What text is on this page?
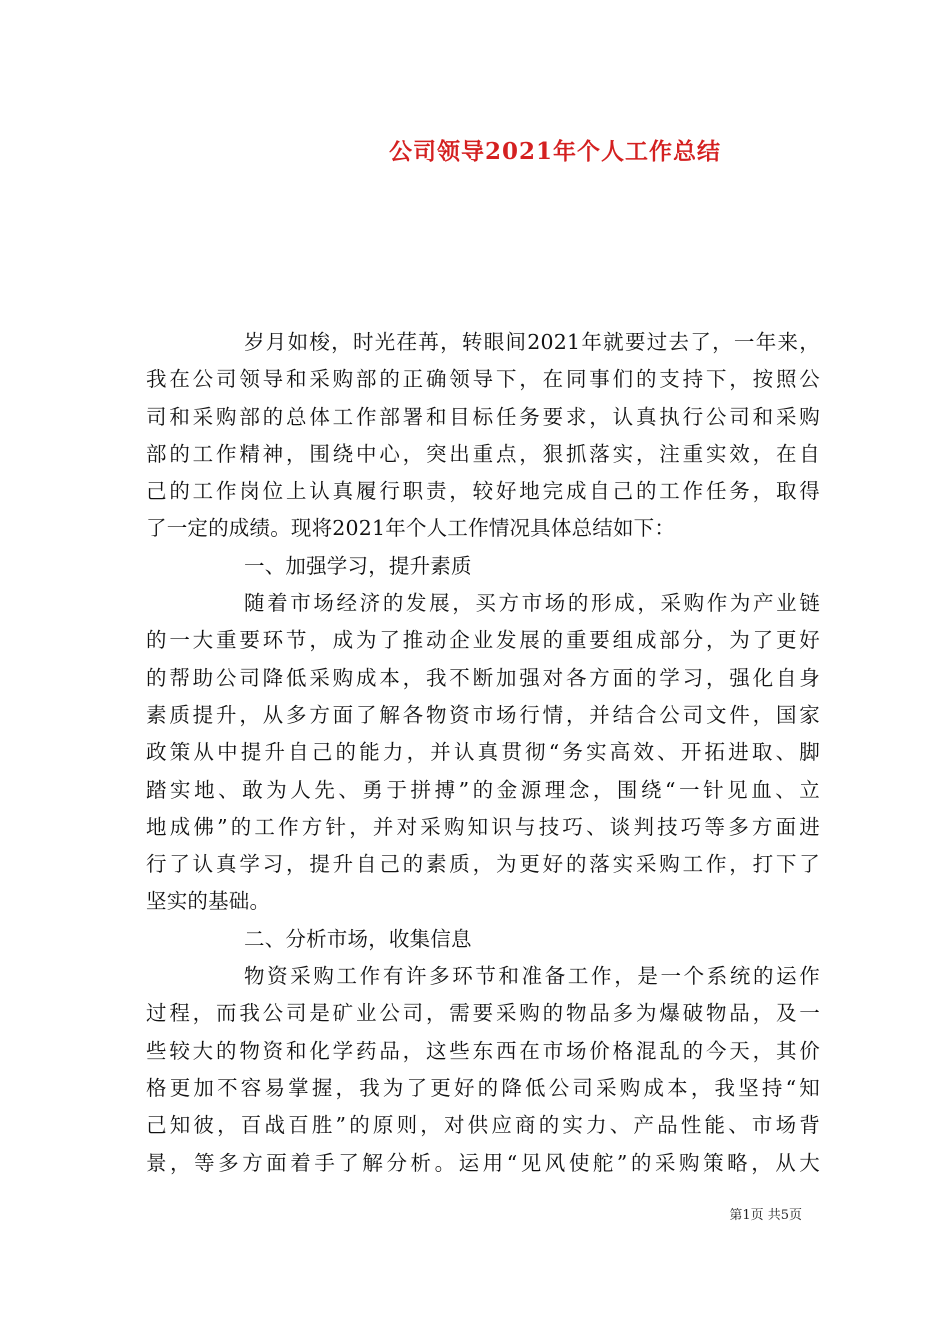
公司领导2021年个人工作总结
岁月如梭，时光荏苒，转眼间2021年就要过去了，一年来，
我在公司领导和采购部的正确领导下，在同事们的支持下，按照公
司和采购部的总体工作部署和目标任务要求，认真执行公司和采购
部的工作精神，围绕中心，突出重点，狠抓落实，注重实效，在自
己的工作岗位上认真履行职责，较好地完成自己的工作任务，取得
了一定的成绩。现将2021年个人工作情况具体总结如下：
一、加强学习，提升素质
随着市场经济的发展，买方市场的形成，采购作为产业链
的一大重要环节，成为了推动企业发展的重要组成部分，为了更好
的帮助公司降低采购成本，我不断加强对各方面的学习，强化自身
素质提升，从多方面了解各物资市场行情，并结合公司文件，国家
政策从中提升自己的能力，并认真贯彻“务实高效、开拓进取、脚
踏实地、敢为人先、勇于拼搏”的金源理念，围绕“一针见血、立
地成佛”的工作方针，并对采购知识与技巧、谈判技巧等多方面进
行了认真学习，提升自己的素质，为更好的落实采购工作，打下了
坚实的基础。
二、分析市场，收集信息
物资采购工作有许多环节和准备工作，是一个系统的运作
过程，而我公司是矿业公司，需要采购的物品多为爆破物品，及一
些较大的物资和化学药品，这些东西在市场价格混乱的今天，其价
格更加不容易掌握，我为了更好的降低公司采购成本，我坚持“知
己知彼，百战百胜”的原则，对供应商的实力、产品性能、市场背
景，等多方面着手了解分析。运用“见风使舵”的采购策略，从大
第1页 共5页
